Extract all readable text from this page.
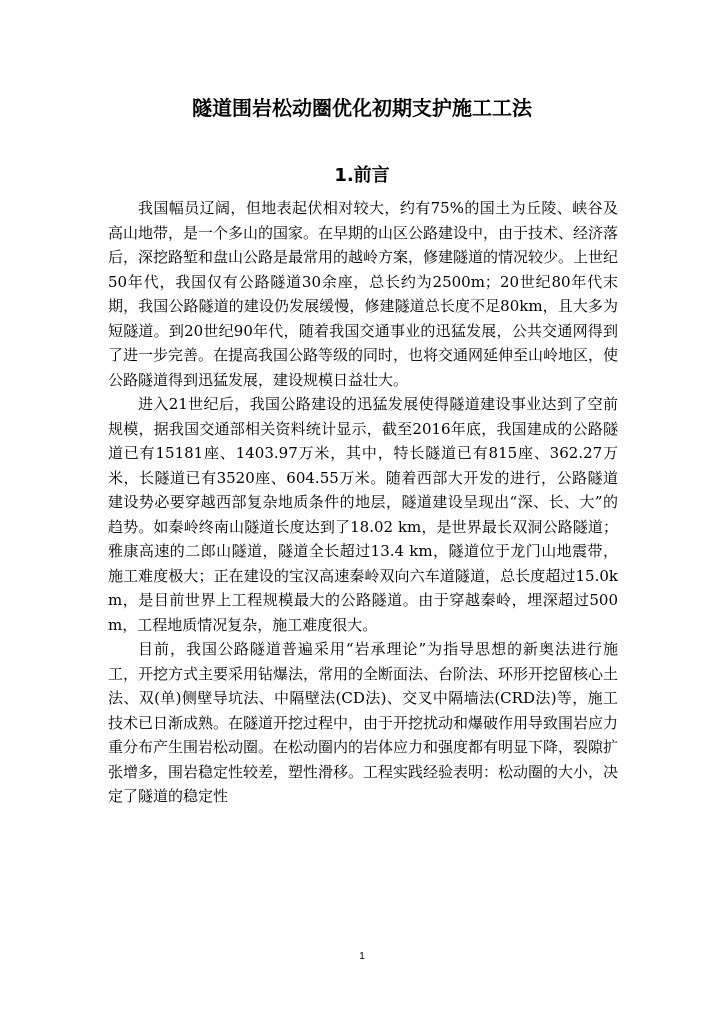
隧道围岩松动圈优化初期支护施工工法
1.前言

我国幅员辽阔，但地表起伏相对较大，约有75%的国土为丘陵、峡谷及高山地带，是一个多山的国家。在早期的山区公路建设中，由于技术、经济落后，深挖路堑和盘山公路是最常用的越岭方案，修建隧道的情况较少。上世纪50年代，我国仅有公路隧道30余座，总长约为2500m；20世纪80年代末期，我国公路隧道的建设仍发展缓慢，修建隧道总长度不足80km，且大多为短隧道。到20世纪90年代，随着我国交通事业的迅猛发展，公共交通网得到了进一步完善。在提高我国公路等级的同时，也将交通网延伸至山岭地区，使公路隧道得到迅猛发展，建设规模日益壮大。

进入21世纪后，我国公路建设的迅猛发展使得隧道建设事业达到了空前规模，据我国交通部相关资料统计显示，截至2016年底，我国建成的公路隧道已有15181座、1403.97万米，其中，特长隧道已有815座、362.27万米，长隧道已有3520座、604.55万米。随着西部大开发的进行，公路隧道建设势必要穿越西部复杂地质条件的地层，隧道建设呈现出“深、长、大”的趋势。如秦岭终南山隧道长度达到了18.02 km，是世界最长双洞公路隧道；雅康高速的二郎山隧道，隧道全长超过13.4 km，隧道位于龙门山地震带，施工难度极大；正在建设的宝汉高速秦岭双向六车道隧道，总长度超过15.0km，是目前世界上工程规模最大的公路隧道。由于穿越秦岭，埋深超过500m，工程地质情况复杂，施工难度很大。

目前，我国公路隧道普遍采用“岩承理论”为指导思想的新奥法进行施工，开挖方式主要采用钻爆法，常用的全断面法、台阶法、环形开挖留核心土法、双(单)侧壁导坑法、中隔壁法(CD法)、交叉中隔墙法(CRD法)等，施工技术已日渐成熟。在隧道开挖过程中，由于开挖扰动和爆破作用导致围岩应力重分布产生围岩松动圈。在松动圈内的岩体应力和强度都有明显下降，裂隙扩张增多，围岩稳定性较差，塑性滑移。工程实践经验表明：松动圈的大小，决定了隧道的稳定性

1
